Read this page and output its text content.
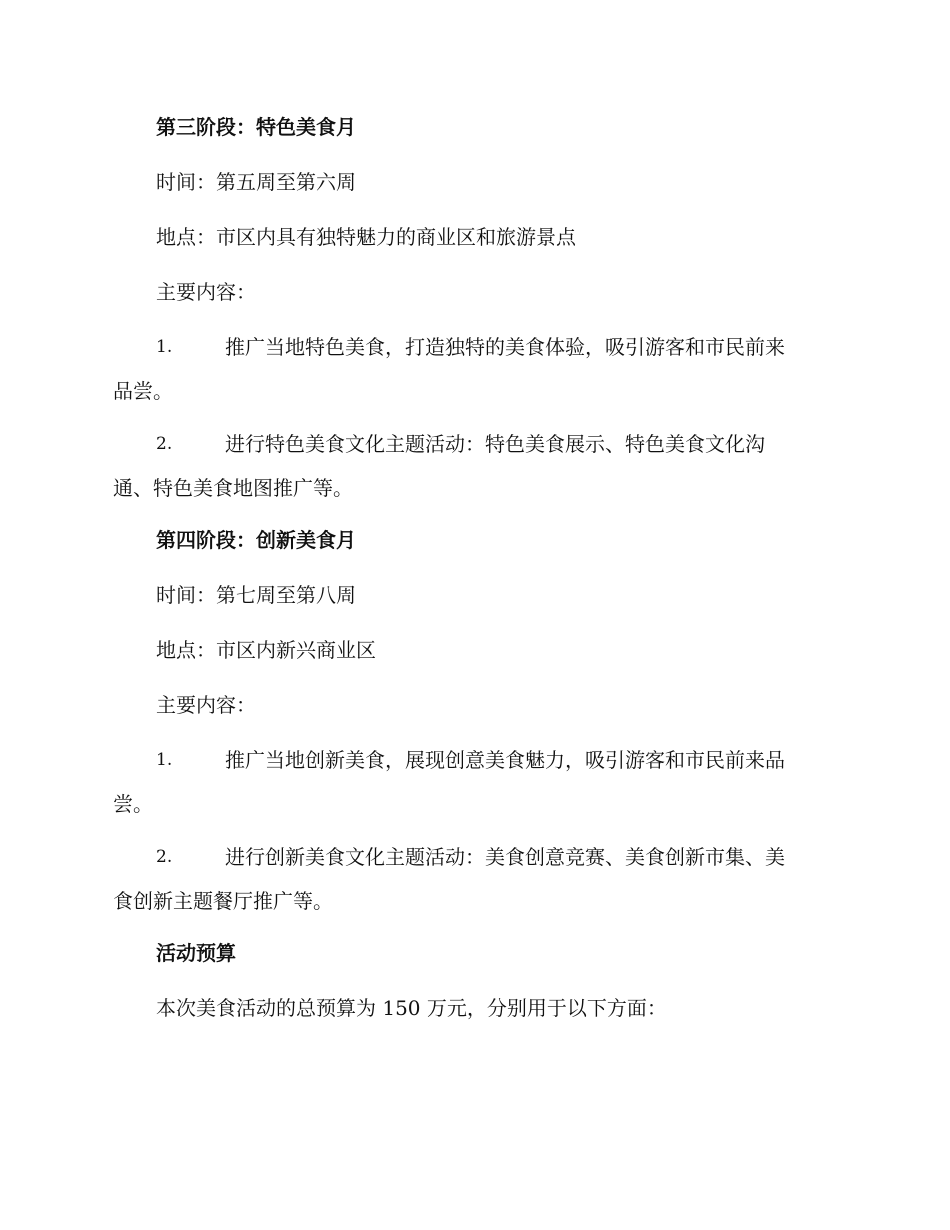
第三阶段：特色美食月
时间：第五周至第六周
地点：市区内具有独特魅力的商业区和旅游景点
主要内容：
1.	推广当地特色美食，打造独特的美食体验，吸引游客和市民前来
品尝。
2.	进行特色美食文化主题活动：特色美食展示、特色美食文化沟
通、特色美食地图推广等。
第四阶段：创新美食月
时间：第七周至第八周
地点：市区内新兴商业区
主要内容：
1.	推广当地创新美食，展现创意美食魅力，吸引游客和市民前来品
尝。
2.	进行创新美食文化主题活动：美食创意竞赛、美食创新市集、美
食创新主题餐厅推广等。
活动预算
本次美食活动的总预算为 150 万元，分别用于以下方面：
